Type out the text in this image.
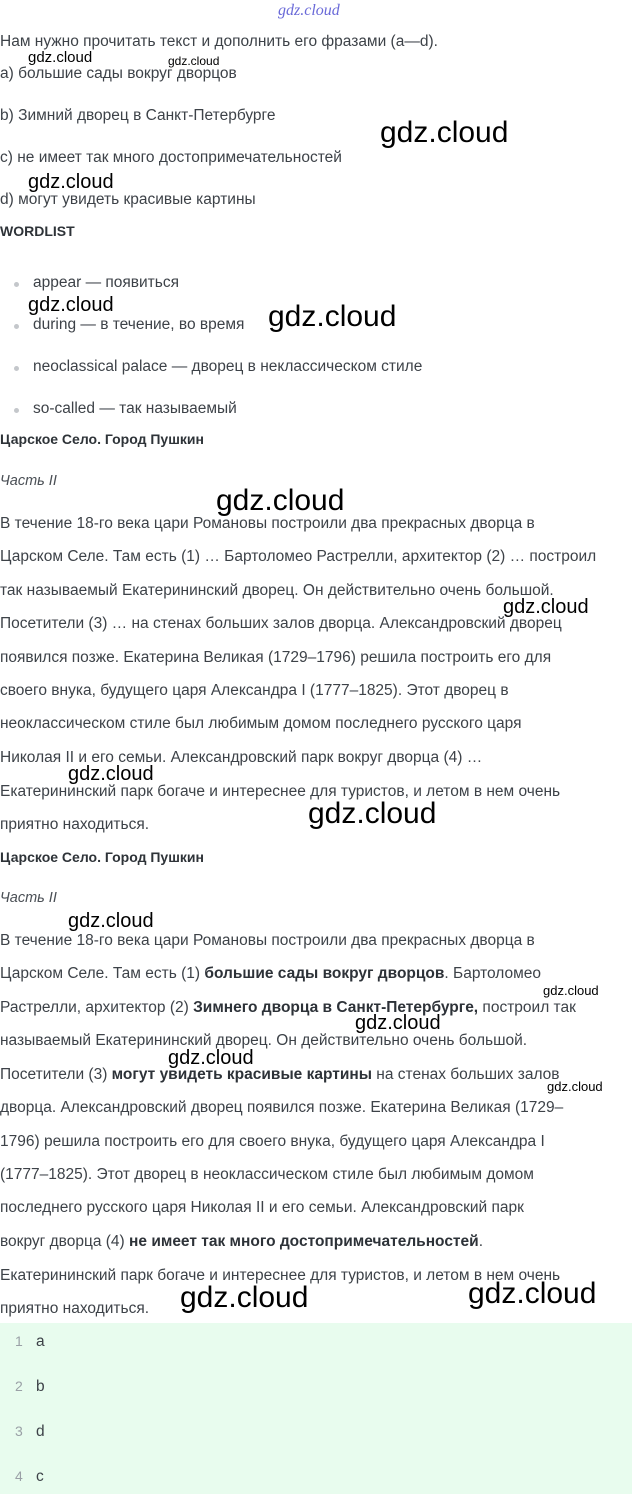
gdz.cloud
Нам нужно прочитать текст и дополнить его фразами (a—d).
a) большие сады вокруг дворцов
b) Зимний дворец в Санкт-Петербурге
c) не имеет так много достопримечательностей
d) могут увидеть красивые картины
WORDLIST
appear — появиться
during — в течение, во время
neoclassical palace — дворец в неклассическом стиле
so-called — так называемый
Царское Село. Город Пушкин
Часть II
В течение 18-го века цари Романовы построили два прекрасных дворца в
Царском Селе. Там есть (1) … Бартоломео Растрелли, архитектор (2) … построил
так называемый Екатерининский дворец. Он действительно очень большой.
Посетители (3) … на стенах больших залов дворца. Александровский дворец
появился позже. Екатерина Великая (1729–1796) решила построить его для
своего внука, будущего царя Александра I (1777–1825). Этот дворец в
неоклассическом стиле был любимым домом последнего русского царя
Николая II и его семьи. Александровский парк вокруг дворца (4) …
Екатерининский парк богаче и интереснее для туристов, и летом в нем очень
приятно находиться.
Царское Село. Город Пушкин
Часть II
В течение 18-го века цари Романовы построили два прекрасных дворца в
Царском Селе. Там есть (1) большие сады вокруг дворцов. Бартоломео
Растрелли, архитектор (2) Зимнего дворца в Санкт-Петербурге, построил так
называемый Екатерининский дворец. Он действительно очень большой.
Посетители (3) могут увидеть красивые картины на стенах больших залов
дворца. Александровский дворец появился позже. Екатерина Великая (1729–
1796) решила построить его для своего внука, будущего царя Александра I
(1777–1825). Этот дворец в неоклассическом стиле был любимым домом
последнего русского царя Николая II и его семьи. Александровский парк
вокруг дворца (4) не имеет так много достопримечательностей.
Екатерининский парк богаче и интереснее для туристов, и летом в нем очень
приятно находиться.
1 a
2 b
3 d
4 c
gdz.cloud	gdz.cloud
gdz.cloud
gdz.cloud
gdz.cloud	gdz.cloud
gdz.cloud
gdz.cloud
gdz.cloud
gdz.cloud
gdz.cloud
gdz.cloud
gdz.cloud
gdz.cloud
gdz.cloud
gdz.cloud	gdz.cloud
